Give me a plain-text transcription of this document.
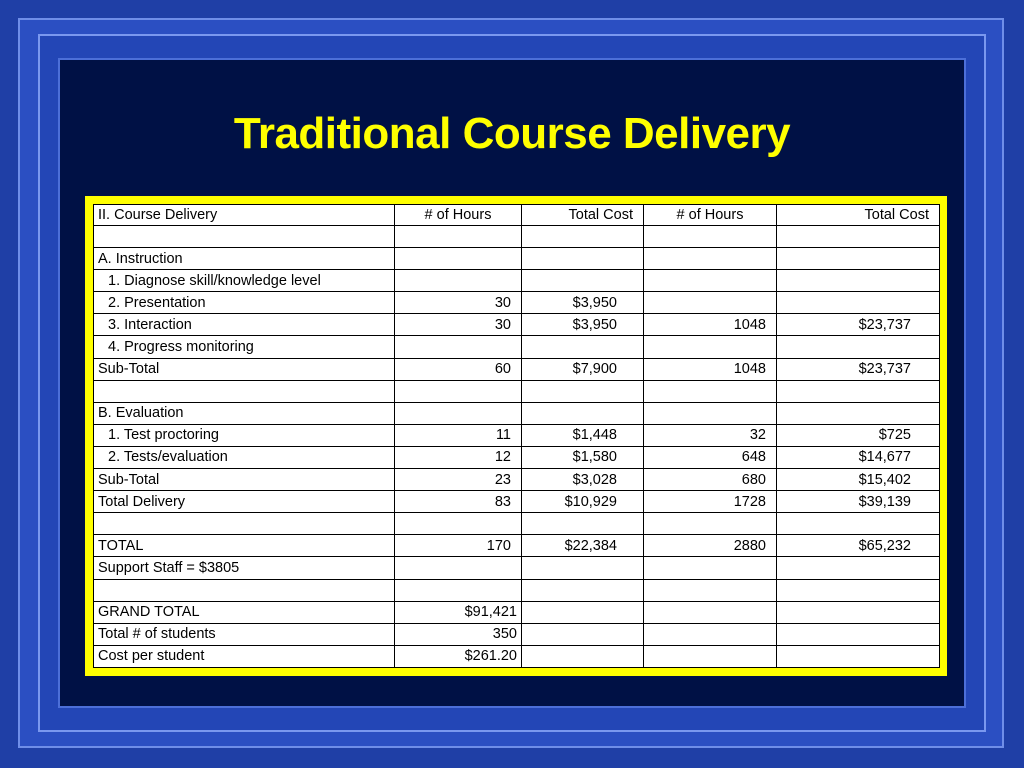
Traditional Course Delivery
II. Course Delivery	# of Hours	Total Cost	# of Hours	Total Cost

A. Instruction				
1. Diagnose skill/knowledge level				
2. Presentation	30	$3,950		
3. Interaction	30	$3,950	1048	$23,737
4. Progress monitoring				
Sub-Total	60	$7,900	1048	$23,737

B. Evaluation				
1. Test proctoring	11	$1,448	32	$725
2. Tests/evaluation	12	$1,580	648	$14,677
Sub-Total	23	$3,028	680	$15,402
Total Delivery	83	$10,929	1728	$39,139

TOTAL	170	$22,384	2880	$65,232
Support Staff = $3805				

GRAND TOTAL	$91,421			
Total # of students	350			
Cost per student	$261.20			
